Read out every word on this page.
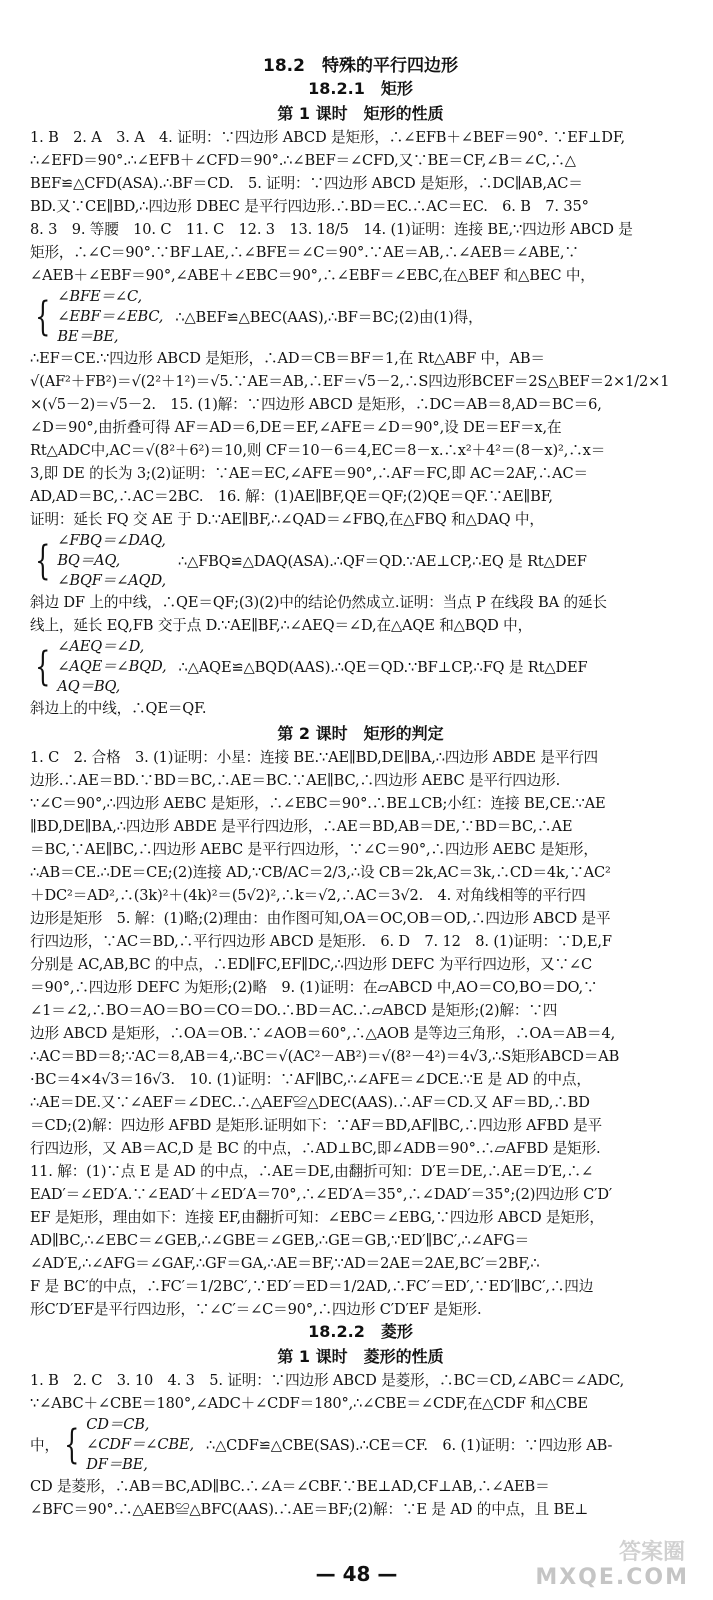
18.2　特殊的平行四边形
18.2.1　矩形
第 1 课时　矩形的性质
1. B　2. A　3. A　4. 证明：∵四边形 ABCD 是矩形，∴∠EFB＋∠BEF＝90°. ∵EF⊥DF,
∴∠EFD＝90°.∴∠EFB＋∠CFD＝90°.∴∠BEF＝∠CFD,又∵BE＝CF,∠B＝∠C,∴△
BEF≌△CFD(ASA).∴BF＝CD.　5. 证明：∵四边形 ABCD 是矩形，∴DC∥AB,AC＝
BD.又∵CE∥BD,∴四边形 DBEC 是平行四边形.∴BD＝EC.∴AC＝EC.　6. B　7. 35°
8. 3　9. 等腰　10. C　11. C　12. 3　13. 18/5　14. (1)证明：连接 BE,∵四边形 ABCD 是
矩形，∴∠C＝90°.∵BF⊥AE,∴∠BFE＝∠C＝90°.∵AE＝AB,∴∠AEB＝∠ABE,∵
∠AEB＋∠EBF＝90°,∠ABE＋∠EBC＝90°,∴∠EBF＝∠EBC,在△BEF 和△BEC 中，
{ ∠BFE＝∠C,
∠EBF＝∠EBC,
BE＝BE,
∴△BEF≌△BEC(AAS),∴BF＝BC;(2)由(1)得，
∴EF＝CE.∵四边形 ABCD 是矩形，∴AD＝CB＝BF＝1,在 Rt△ABF 中，AB＝
√(AF²＋FB²)＝√(2²＋1²)＝√5.∵AE＝AB,∴EF＝√5－2,∴S四边形BCEF＝2S△BEF＝2×1/2×1
×(√5－2)＝√5－2.　15. (1)解：∵四边形 ABCD 是矩形，∴DC＝AB＝8,AD＝BC＝6,
∠D＝90°,由折叠可得 AF＝AD＝6,DE＝EF,∠AFE＝∠D＝90°,设 DE＝EF＝x,在
Rt△ADC中,AC＝√(8²＋6²)＝10,则 CF＝10－6＝4,EC＝8－x.∴x²＋4²＝(8－x)²,∴x＝
3,即 DE 的长为 3;(2)证明：∵AE＝EC,∠AFE＝90°,∴AF＝FC,即 AC＝2AF,∴AC＝
AD,AD＝BC,∴AC＝2BC.　16. 解：(1)AE∥BF,QE＝QF;(2)QE＝QF.∵AE∥BF,
证明：延长 FQ 交 AE 于 D.∵AE∥BF,∴∠QAD＝∠FBQ,在△FBQ 和△DAQ 中，
{ ∠FBQ＝∠DAQ,
BQ＝AQ,
∠BQF＝∠AQD,
∴△FBQ≌△DAQ(ASA).∴QF＝QD.∵AE⊥CP,∴EQ 是 Rt△DEF
斜边 DF 上的中线，∴QE＝QF;(3)(2)中的结论仍然成立.证明：当点 P 在线段 BA 的延长
线上，延长 EQ,FB 交于点 D.∵AE∥BF,∴∠AEQ＝∠D,在△AQE 和△BQD 中，
{ ∠AEQ＝∠D,
∠AQE＝∠BQD,
AQ＝BQ,
∴△AQE≌△BQD(AAS).∴QE＝QD.∵BF⊥CP,∴FQ 是 Rt△DEF
斜边上的中线，∴QE＝QF.
第 2 课时　矩形的判定
1. C　2. 合格　3. (1)证明：小星：连接 BE.∵AE∥BD,DE∥BA,∴四边形 ABDE 是平行四
边形.∴AE＝BD.∵BD＝BC,∴AE＝BC.∵AE∥BC,∴四边形 AEBC 是平行四边形.
∵∠C＝90°,∴四边形 AEBC 是矩形，∴∠EBC＝90°.∴BE⊥CB;小红：连接 BE,CE.∵AE
∥BD,DE∥BA,∴四边形 ABDE 是平行四边形，∴AE＝BD,AB＝DE,∵BD＝BC,∴AE
＝BC,∵AE∥BC,∴四边形 AEBC 是平行四边形，∵∠C＝90°,∴四边形 AEBC 是矩形，
∴AB＝CE.∴DE＝CE;(2)连接 AD,∵CB/AC＝2/3,∴设 CB＝2k,AC＝3k,∴CD＝4k,∵AC²
＋DC²＝AD²,∴(3k)²＋(4k)²＝(5√2)²,∴k＝√2,∴AC＝3√2.　4. 对角线相等的平行四
边形是矩形　5. 解：(1)略;(2)理由：由作图可知,OA＝OC,OB＝OD,∴四边形 ABCD 是平
行四边形，∵AC＝BD,∴平行四边形 ABCD 是矩形.　6. D　7. 12　8. (1)证明：∵D,E,F
分别是 AC,AB,BC 的中点，∴ED∥FC,EF∥DC,∴四边形 DEFC 为平行四边形，又∵∠C
＝90°,∴四边形 DEFC 为矩形;(2)略　9. (1)证明：在▱ABCD 中,AO＝CO,BO＝DO,∵
∠1＝∠2,∴BO＝AO＝BO＝CO＝DO.∴BD＝AC.∴▱ABCD 是矩形;(2)解：∵四
边形 ABCD 是矩形，∴OA＝OB.∵∠AOB＝60°,∴△AOB 是等边三角形，∴OA＝AB＝4,
∴AC＝BD＝8;∵AC＝8,AB＝4,∴BC＝√(AC²－AB²)＝√(8²－4²)＝4√3,∴S矩形ABCD＝AB
·BC＝4×4√3＝16√3.　10. (1)证明：∵AF∥BC,∴∠AFE＝∠DCE.∵E 是 AD 的中点，
∴AE＝DE.又∵∠AEF＝∠DEC.∴△AEF≌△DEC(AAS).∴AF＝CD.又 AF＝BD,∴BD
＝CD;(2)解：四边形 AFBD 是矩形.证明如下：∵AF＝BD,AF∥BC,∴四边形 AFBD 是平
行四边形，又 AB＝AC,D 是 BC 的中点，∴AD⊥BC,即∠ADB＝90°.∴▱AFBD 是矩形.
11. 解：(1)∵点 E 是 AD 的中点，∴AE＝DE,由翻折可知：D′E＝DE,∴AE＝D′E,∴∠
EAD′＝∠ED′A.∵∠EAD′＋∠ED′A＝70°,∴∠ED′A＝35°,∴∠DAD′＝35°;(2)四边形 C′D′
EF 是矩形，理由如下：连接 EF,由翻折可知：∠EBC＝∠EBG,∵四边形 ABCD 是矩形，
AD∥BC,∴∠EBC＝∠GEB,∴∠GBE＝∠GEB,∴GE＝GB,∵ED′∥BC′,∴∠AFG＝
∠AD′E,∴∠AFG＝∠GAF,∴GF＝GA,∴AE＝BF,∵AD＝2AE＝2AE,BC′＝2BF,∴
F 是 BC′的中点，∴FC′＝1/2BC′,∵ED′＝ED＝1/2AD,∴FC′＝ED′,∵ED′∥BC′,∴四边
形C′D′EF是平行四边形，∵∠C′＝∠C＝90°,∴四边形 C′D′EF 是矩形.
18.2.2　菱形
第 1 课时　菱形的性质
1. B　2. C　3. 10　4. 3　5. 证明：∵四边形 ABCD 是菱形，∴BC＝CD,∠ABC＝∠ADC,
∵∠ABC＋∠CBE＝180°,∠ADC＋∠CDF＝180°,∴∠CBE＝∠CDF,在△CDF 和△CBE
中， { CD＝CB,
∠CDF＝∠CBE,
DF＝BE,
∴△CDF≌△CBE(SAS).∴CE＝CF.　6. (1)证明：∵四边形 AB-
CD 是菱形，∴AB＝BC,AD∥BC.∴∠A＝∠CBF.∵BE⊥AD,CF⊥AB,∴∠AEB＝
∠BFC＝90°.∴△AEB≌△BFC(AAS).∴AE＝BF;(2)解：∵E 是 AD 的中点，且 BE⊥
— 48 —
答案圈
MXQE.COM
